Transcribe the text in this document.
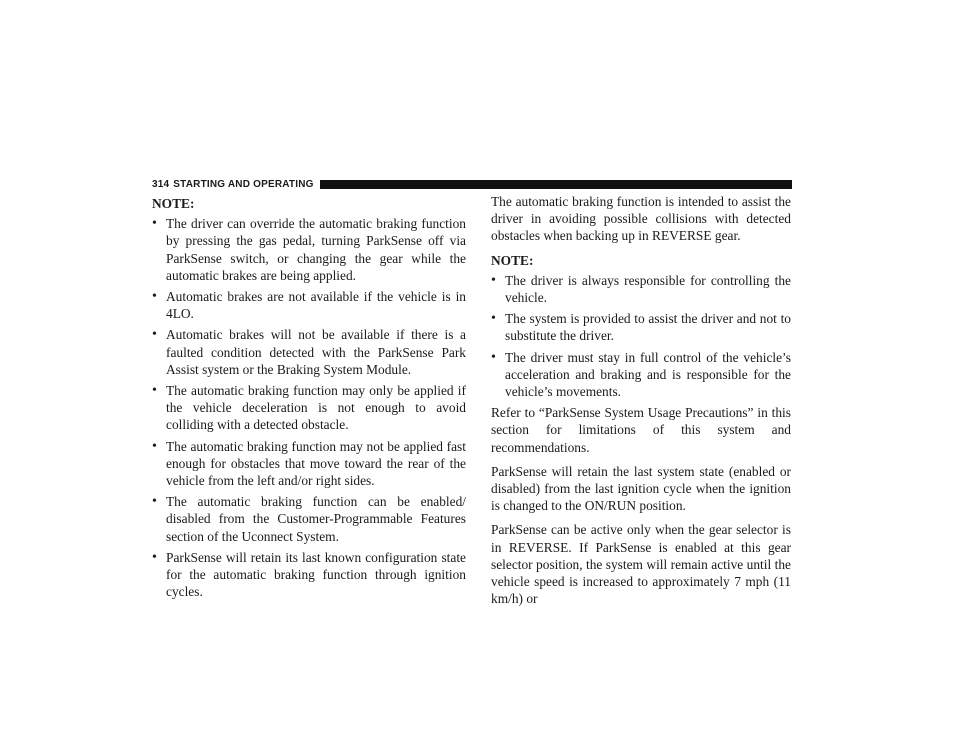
314 STARTING AND OPERATING
NOTE:
• The driver can override the automatic braking function by pressing the gas pedal, turning ParkSense off via ParkSense switch, or changing the gear while the automatic brakes are being applied.
• Automatic brakes are not available if the vehicle is in 4LO.
• Automatic brakes will not be available if there is a faulted condition detected with the ParkSense Park Assist system or the Braking System Module.
• The automatic braking function may only be applied if the vehicle deceleration is not enough to avoid colliding with a detected obstacle.
• The automatic braking function may not be applied fast enough for obstacles that move toward the rear of the vehicle from the left and/or right sides.
• The automatic braking function can be enabled/ disabled from the Customer-Programmable Features section of the Uconnect System.
• ParkSense will retain its last known configuration state for the automatic braking function through ignition cycles.

The automatic braking function is intended to assist the driver in avoiding possible collisions with detected obstacles when backing up in REVERSE gear.

NOTE:
• The driver is always responsible for controlling the vehicle.
• The system is provided to assist the driver and not to substitute the driver.
• The driver must stay in full control of the vehicle’s acceleration and braking and is responsible for the vehicle’s movements.

Refer to “ParkSense System Usage Precautions” in this section for limitations of this system and recommendations.

ParkSense will retain the last system state (enabled or disabled) from the last ignition cycle when the ignition is changed to the ON/RUN position.

ParkSense can be active only when the gear selector is in REVERSE. If ParkSense is enabled at this gear selector position, the system will remain active until the vehicle speed is increased to approximately 7 mph (11 km/h) or
